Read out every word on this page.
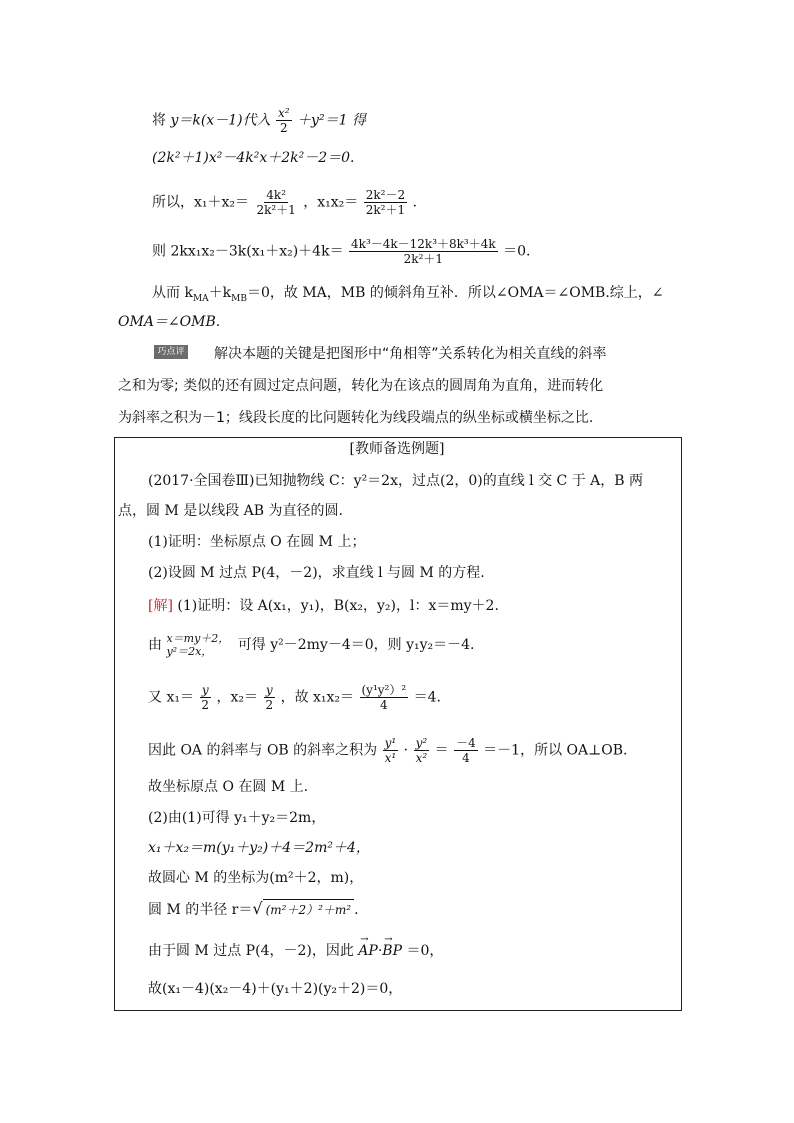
将 y＝k(x－1)代入 $\frac{\text{x²}}{2} +y^2=1$ 得
(2k²＋1)x²－4k²x＋2k²－2＝0.
所以，$x_1+x_2= \frac{\text{4k²}}{\text{2k²＋1}}$ ，$x_1x_2= \frac{\text{2k²－2}}{\text{2k²＋1}}$ .
则 $2kx_1x_2-3k(x_1+x_2)+4k= \frac{\text{4k³－4k－12k³＋8k³＋4k}}{\text{2k²＋1}} =0$.
从而 $k_{MA}+k_{MB}=0$，故 MA，MB 的倾斜角互补．所以∠OMA＝∠OMB.综上，∠
OMA＝∠OMB.
巧点评 解决本题的关键是把图形中“角相等”关系转化为相关直线的斜率
之和为零; 类似的还有圆过定点问题，转化为在该点的圆周角为直角，进而转化
为斜率之积为－1；线段长度的比问题转化为线段端点的纵坐标或横坐标之比.
[教师备选例题]
(2017·全国卷Ⅲ)已知抛物线 C：y²＝2x，过点(2，0)的直线 l 交 C 于 A，B 两
点，圆 M 是以线段 AB 为直径的圆.
(1)证明：坐标原点 O 在圆 M 上；
(2)设圆 M 过点 P(4，－2)，求直线 l 与圆 M 的方程.
[解] (1)证明：设 A(x₁，y₁)，B(x₂，y₂)，l：x＝my＋2.
由 x＝my＋2，
y²＝2x，	可得 y²－2my－4＝0，则 y₁y₂＝－4.
又 $x_1= \frac{y}{2}$ ，$x_2= \frac{y}{2}$ ，故 $x_1x_2= \frac{\text{(y¹y²）²}}{4} =4$.
因此 OA 的斜率与 OB 的斜率之积为 $\frac{\text{y¹}}{\text{x¹}} \cdot \frac{\text{y²}}{\text{x²}} = \frac{-4}{4} =-1$，所以 OA⊥OB.
故坐标原点 O 在圆 M 上.
(2)由(1)可得 y₁＋y₂＝2m，
x₁＋x₂＝m(y₁＋y₂)＋4＝2m²＋4，
故圆心 M 的坐标为(m²＋2，m)，
圆 M 的半径 r＝√ (m²＋2）²＋m² .
由于圆 M 过点 P(4，－2)，因此 → AP·→ BP ＝0，
故(x₁－4)(x₂－4)＋(y₁＋2)(y₂＋2)＝0，
